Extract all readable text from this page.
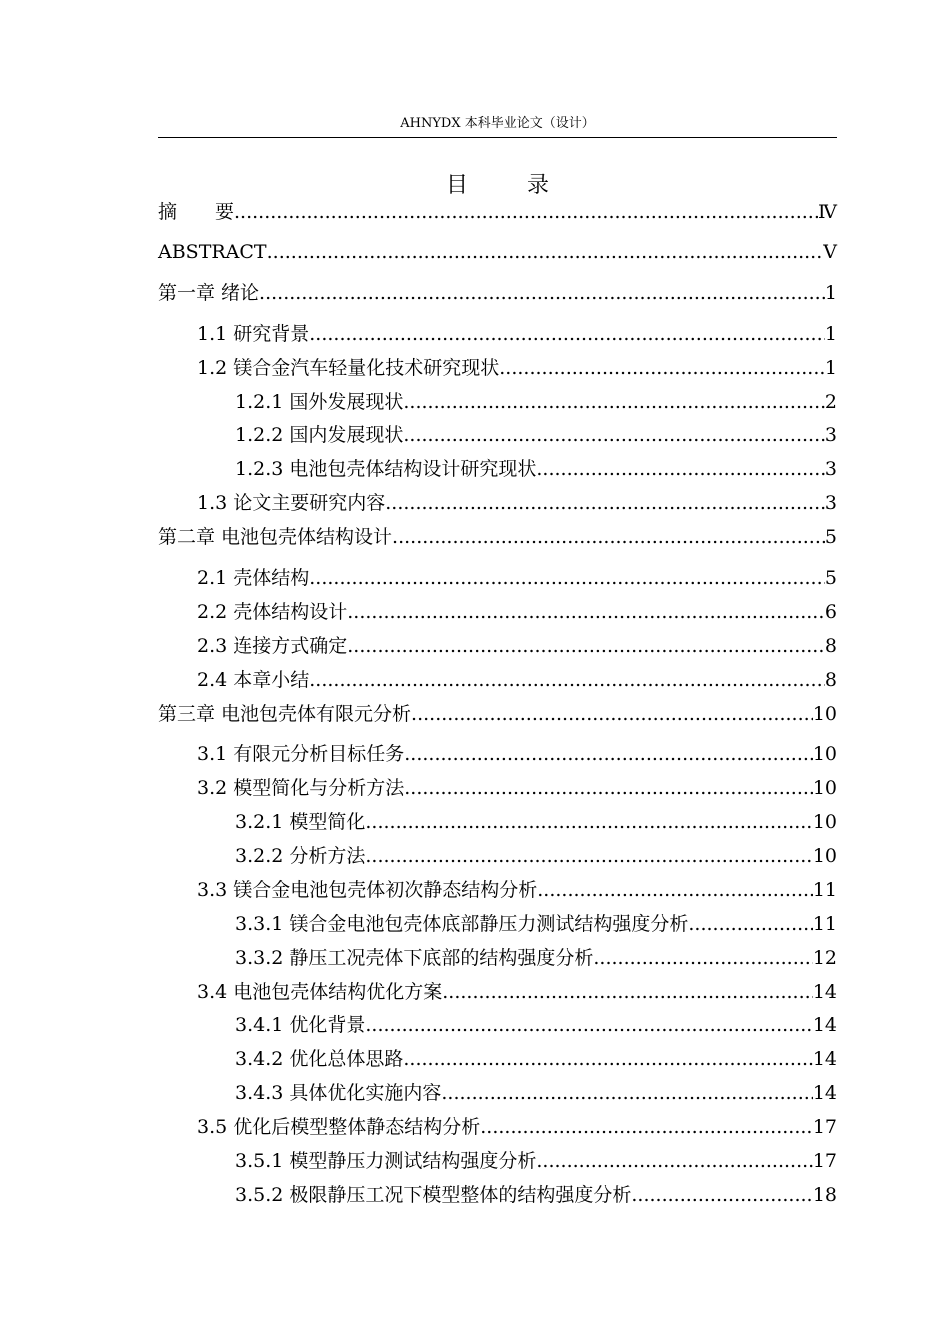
AHNYDX 本科毕业论文（设计）
目 录
摘　　要 .....	Ⅳ
ABSTRACT .....	Ⅴ
第一章 绪论 .....	1
1.1 研究背景 .....	1
1.2 镁合金汽车轻量化技术研究现状 .....	1
1.2.1 国外发展现状 .....	2
1.2.2 国内发展现状 .....	3
1.2.3 电池包壳体结构设计研究现状 .....	3
1.3 论文主要研究内容 .....	3
第二章 电池包壳体结构设计 .....	5
2.1 壳体结构 .....	5
2.2 壳体结构设计 .....	6
2.3 连接方式确定 .....	8
2.4 本章小结 .....	8
第三章 电池包壳体有限元分析 .....	10
3.1 有限元分析目标任务 .....	10
3.2 模型简化与分析方法 .....	10
3.2.1 模型简化 .....	10
3.2.2 分析方法 .....	10
3.3 镁合金电池包壳体初次静态结构分析 .....	11
3.3.1 镁合金电池包壳体底部静压力测试结构强度分析 .....	11
3.3.2 静压工况壳体下底部的结构强度分析 .....	12
3.4 电池包壳体结构优化方案 .....	14
3.4.1 优化背景 .....	14
3.4.2 优化总体思路 .....	14
3.4.3 具体优化实施内容 .....	14
3.5 优化后模型整体静态结构分析 .....	17
3.5.1 模型静压力测试结构强度分析 .....	17
3.5.2 极限静压工况下模型整体的结构强度分析 .....	18
